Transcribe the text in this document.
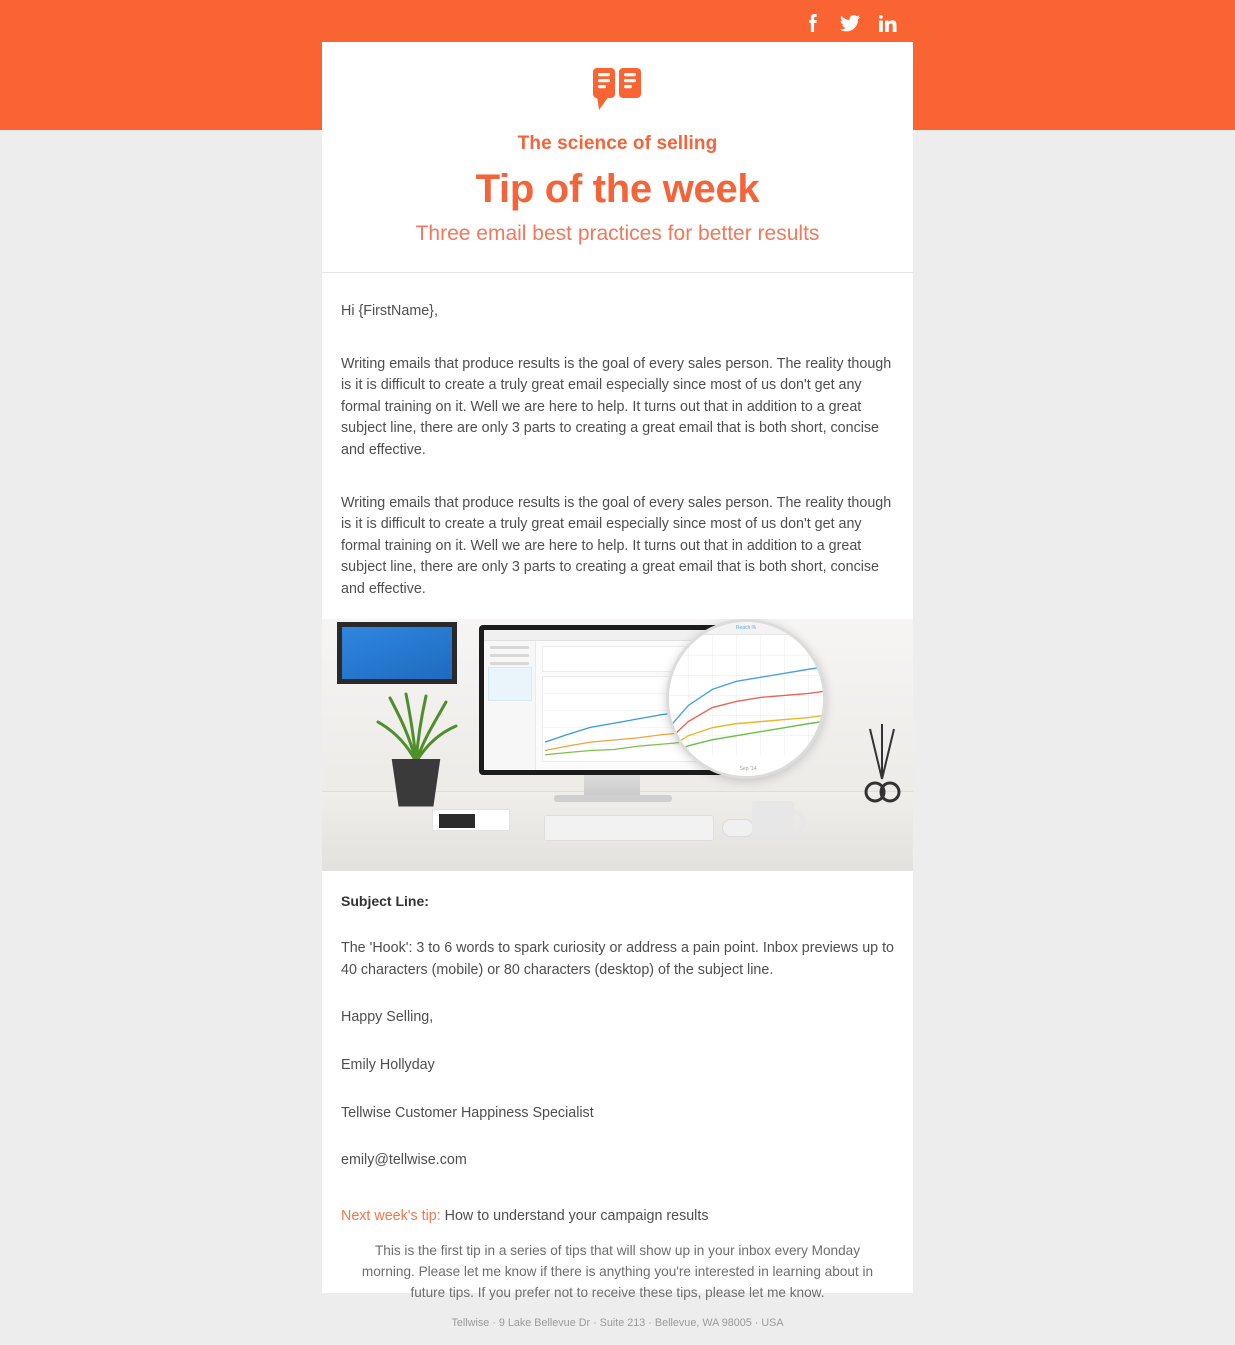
The science of selling
Tip of the week
Three email best practices for better results

Hi {FirstName},

Writing emails that produce results is the goal of every sales person. The reality though is it is difficult to create a truly great email especially since most of us don't get any formal training on it. Well we are here to help. It turns out that in addition to a great subject line, there are only 3 parts to creating a great email that is both short, concise and effective.

Writing emails that produce results is the goal of every sales person. The reality though is it is difficult to create a truly great email especially since most of us don't get any formal training on it. Well we are here to help. It turns out that in addition to a great subject line, there are only 3 parts to creating a great email that is both short, concise and effective.

Reach %
May '14	Sep '14	Jan '1

Subject Line:

The 'Hook': 3 to 6 words to spark curiosity or address a pain point. Inbox previews up to 40 characters (mobile) or 80 characters (desktop) of the subject line.

Happy Selling,

Emily Hollyday

Tellwise Customer Happiness Specialist

emily@tellwise.com

Next week's tip: How to understand your campaign results

This is the first tip in a series of tips that will show up in your inbox every Monday morning. Please let me know if there is anything you're interested in learning about in future tips. If you prefer not to receive these tips, please let me know.

Tellwise · 9 Lake Bellevue Dr · Suite 213 · Bellevue, WA 98005 · USA
